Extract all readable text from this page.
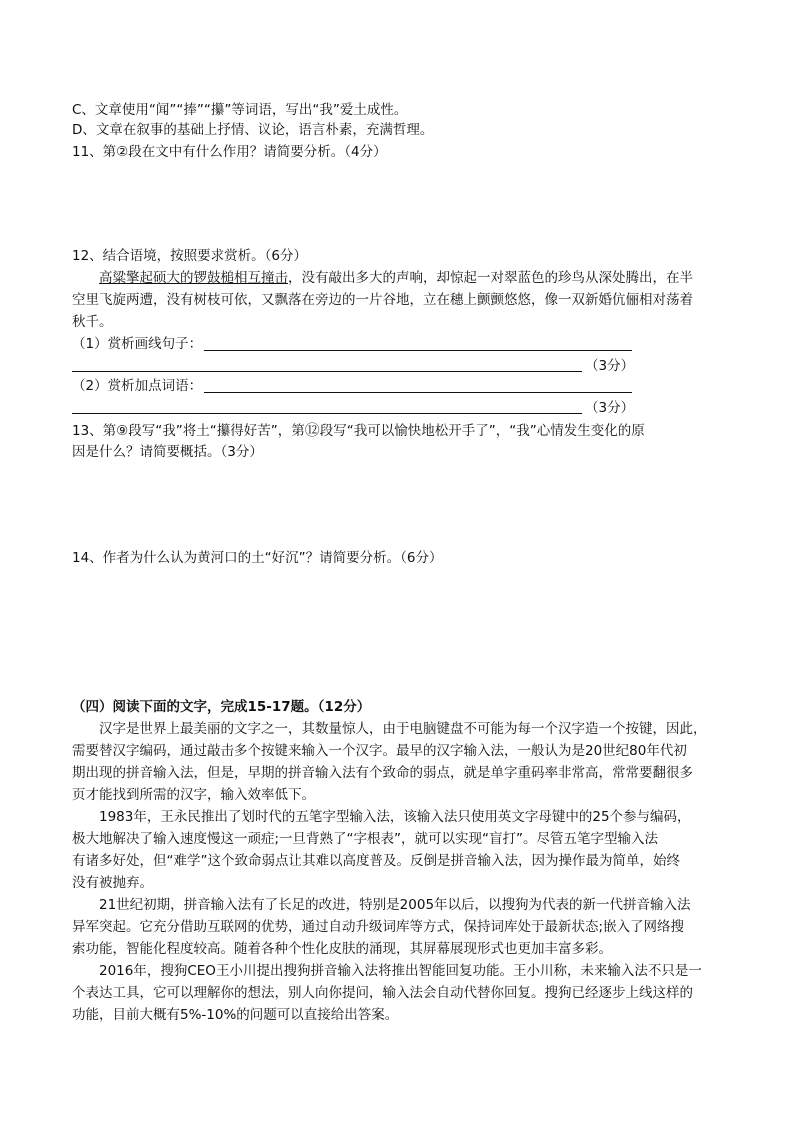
C、文章使用“闻”“捧”“攥”等词语，写出“我”爱土成性。
D、文章在叙事的基础上抒情、议论，语言朴素，充满哲理。
11、第②段在文中有什么作用？请简要分析。（4分）
12、结合语境，按照要求赏析。（6分）
高粱擎起硕大的锣鼓槌相互撞击，没有敲出多大的声响，却惊起一对翠蓝色的珍鸟从深处腾出，在半
空里飞旋两遭，没有树枝可依，又飘落在旁边的一片谷地，立在穗上颤颤悠悠，像一双新婚伉俪相对荡着
秋千。
（1）赏析画线句子：
（3分）
（2）赏析加点词语：
（3分）
13、第⑨段写“我”将土“攥得好苦”，第⑫段写“我可以愉快地松开手了”，“我”心情发生变化的原
因是什么？请简要概括。（3分）
14、作者为什么认为黄河口的土“好沉”？请简要分析。（6分）
（四）阅读下面的文字，完成15-17题。（12分）
汉字是世界上最美丽的文字之一，其数量惊人，由于电脑键盘不可能为每一个汉字造一个按键，因此，
需要替汉字编码，通过敲击多个按键来输入一个汉字。最早的汉字输入法，一般认为是20世纪80年代初
期出现的拼音输入法，但是，早期的拼音输入法有个致命的弱点，就是单字重码率非常高，常常要翻很多
页才能找到所需的汉字，输入效率低下。
1983年，王永民推出了划时代的五笔字型输入法，该输入法只使用英文字母键中的25个参与编码，
极大地解决了输入速度慢这一顽症;一旦背熟了“字根表”，就可以实现“盲打”。尽管五笔字型输入法
有诸多好处，但“难学”这个致命弱点让其难以高度普及。反倒是拼音输入法，因为操作最为简单，始终
没有被抛弃。
21世纪初期，拼音输入法有了长足的改进，特别是2005年以后，以搜狗为代表的新一代拼音输入法
异军突起。它充分借助互联网的优势，通过自动升级词库等方式，保持词库处于最新状态;嵌入了网络搜
索功能，智能化程度较高。随着各种个性化皮肤的涌现，其屏幕展现形式也更加丰富多彩。
2016年，搜狗CEO王小川提出搜狗拼音输入法将推出智能回复功能。王小川称，未来输入法不只是一
个表达工具，它可以理解你的想法，别人向你提问，输入法会自动代替你回复。搜狗已经逐步上线这样的
功能，目前大概有5%-10%的问题可以直接给出答案。
